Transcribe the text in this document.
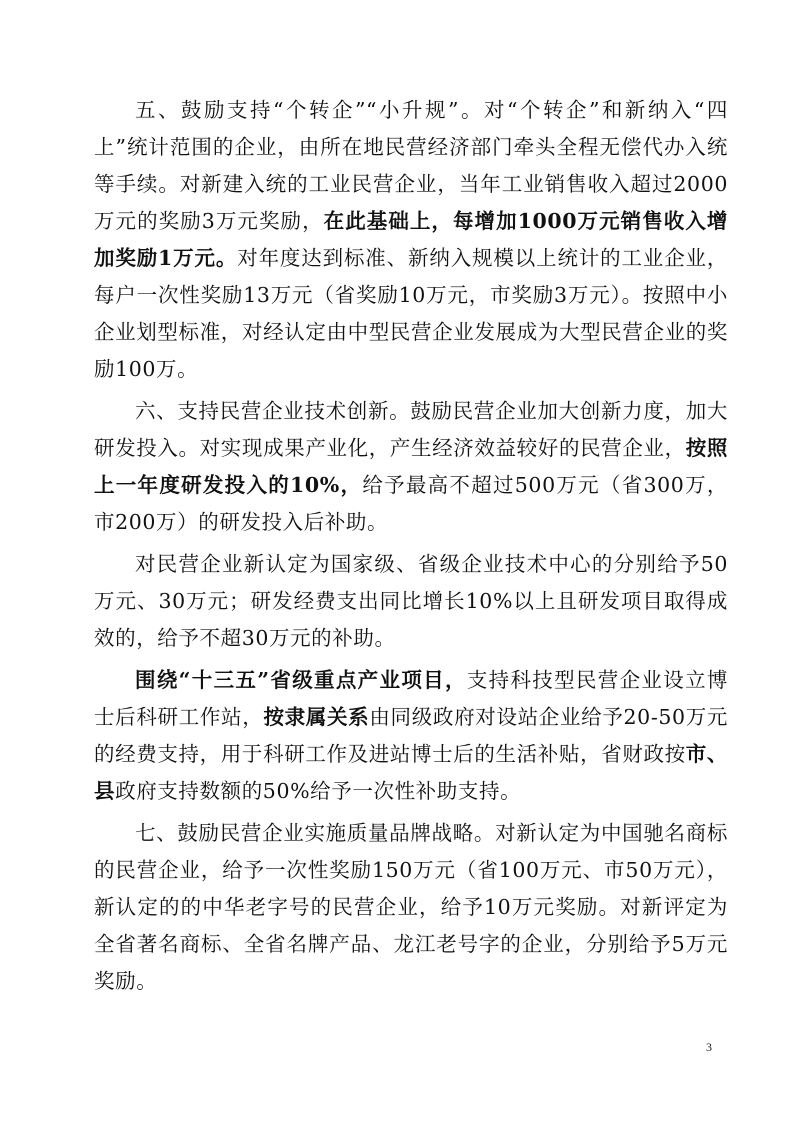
五、鼓励支持“个转企”“小升规”。对“个转企”和新纳入“四上”统计范围的企业，由所在地民营经济部门牵头全程无偿代办入统等手续。对新建入统的工业民营企业，当年工业销售收入超过2000万元的奖励3万元奖励，在此基础上，每增加1000万元销售收入增加奖励1万元。对年度达到标准、新纳入规模以上统计的工业企业，每户一次性奖励13万元（省奖励10万元，市奖励3万元）。按照中小企业划型标准，对经认定由中型民营企业发展成为大型民营企业的奖励100万。

六、支持民营企业技术创新。鼓励民营企业加大创新力度，加大研发投入。对实现成果产业化，产生经济效益较好的民营企业，按照上一年度研发投入的10%，给予最高不超过500万元（省300万，市200万）的研发投入后补助。

对民营企业新认定为国家级、省级企业技术中心的分别给予50万元、30万元；研发经费支出同比增长10%以上且研发项目取得成效的，给予不超30万元的补助。

围绕“十三五”省级重点产业项目，支持科技型民营企业设立博士后科研工作站，按隶属关系由同级政府对设站企业给予20-50万元的经费支持，用于科研工作及进站博士后的生活补贴，省财政按市、县政府支持数额的50%给予一次性补助支持。

七、鼓励民营企业实施质量品牌战略。对新认定为中国驰名商标的民营企业，给予一次性奖励150万元（省100万元、市50万元），新认定的的中华老字号的民营企业，给予10万元奖励。对新评定为全省著名商标、全省名牌产品、龙江老号字的企业，分别给予5万元奖励。

3
